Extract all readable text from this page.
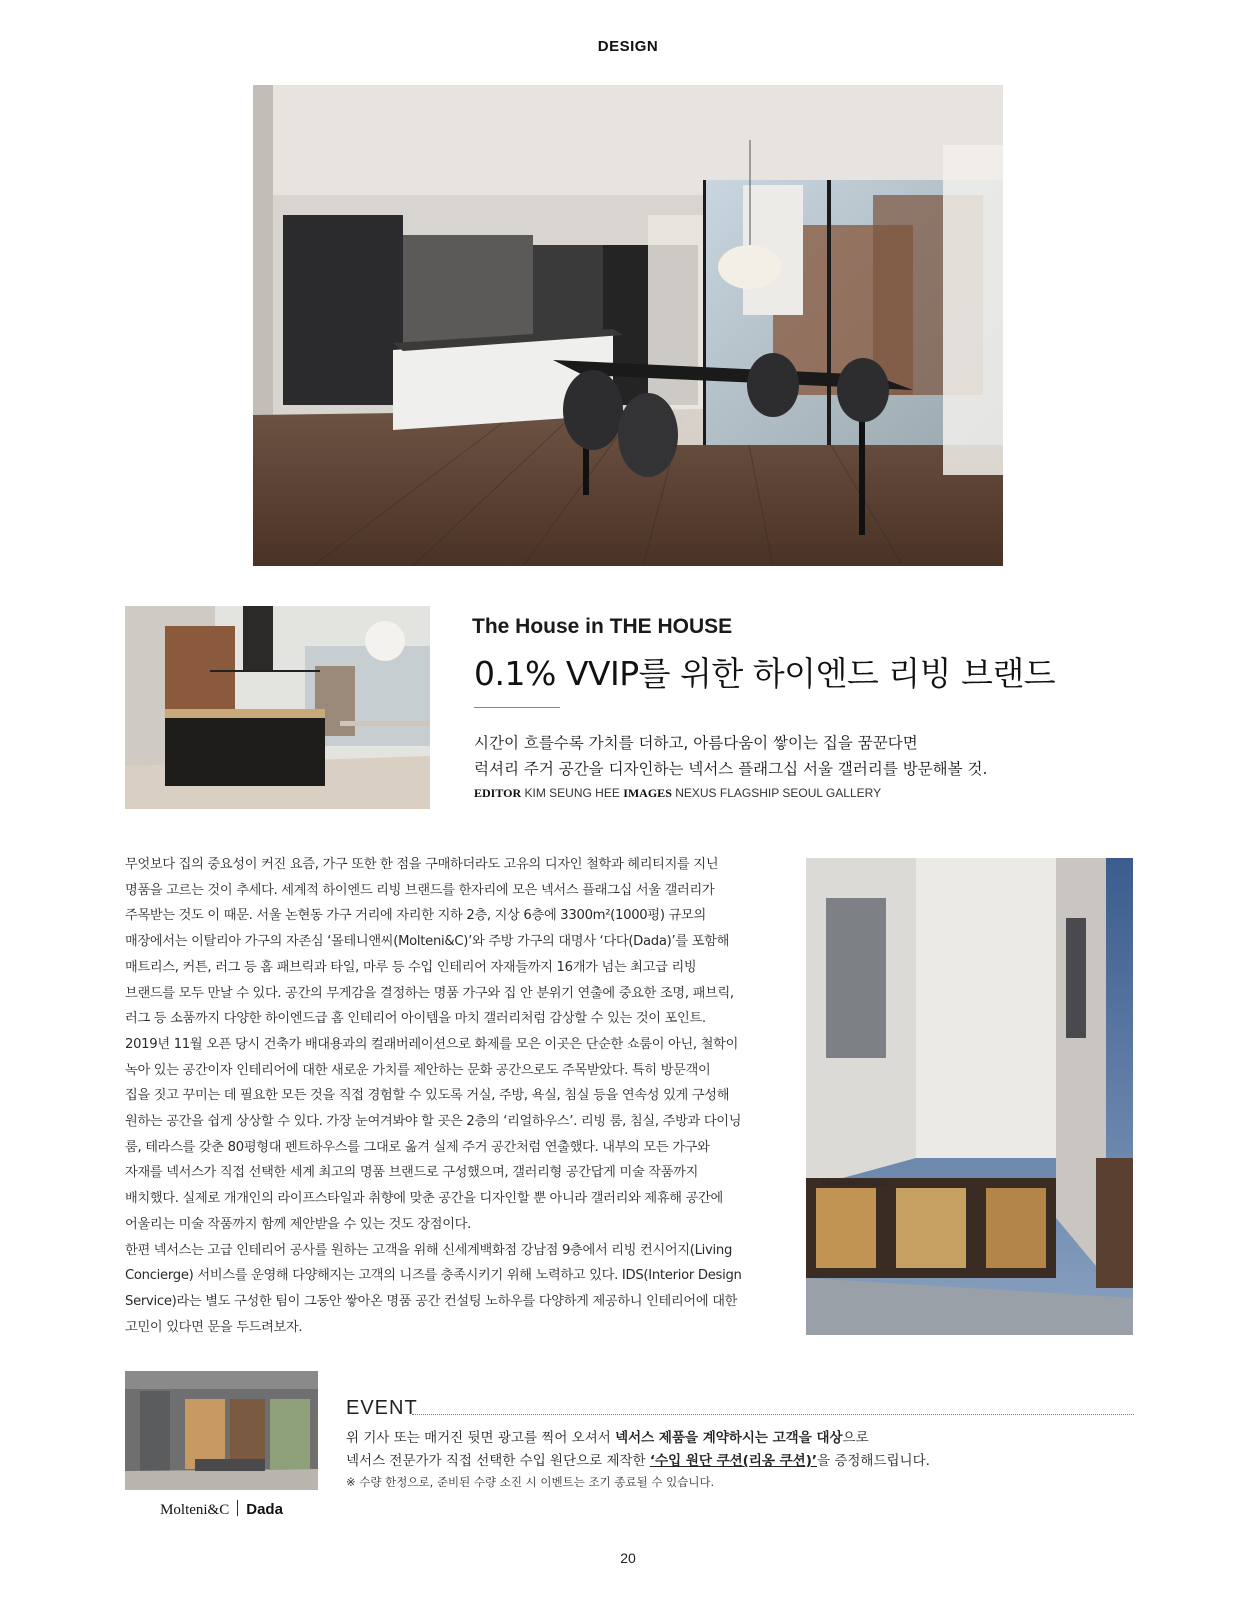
DESIGN
The House in THE HOUSE
0.1% VVIP를 위한 하이엔드 리빙 브랜드
시간이 흐를수록 가치를 더하고, 아름다움이 쌓이는 집을 꿈꾼다면
럭셔리 주거 공간을 디자인하는 넥서스 플래그십 서울 갤러리를 방문해볼 것.
EDITOR KIM SEUNG HEE IMAGES NEXUS FLAGSHIP SEOUL GALLERY
무엇보다 집의 중요성이 커진 요즘, 가구 또한 한 점을 구매하더라도 고유의 디자인 철학과 헤리티지를 지닌
명품을 고르는 것이 추세다. 세계적 하이엔드 리빙 브랜드를 한자리에 모은 넥서스 플래그십 서울 갤러리가
주목받는 것도 이 때문. 서울 논현동 가구 거리에 자리한 지하 2층, 지상 6층에 3300m²(1000평) 규모의
매장에서는 이탈리아 가구의 자존심 ‘몰테니앤씨(Molteni&C)’와 주방 가구의 대명사 ‘다다(Dada)’를 포함해
매트리스, 커튼, 러그 등 홈 패브릭과 타일, 마루 등 수입 인테리어 자재들까지 16개가 넘는 최고급 리빙
브랜드를 모두 만날 수 있다. 공간의 무게감을 결정하는 명품 가구와 집 안 분위기 연출에 중요한 조명, 패브릭,
러그 등 소품까지 다양한 하이엔드급 홈 인테리어 아이템을 마치 갤러리처럼 감상할 수 있는 것이 포인트.
2019년 11월 오픈 당시 건축가 배대용과의 컬래버레이션으로 화제를 모은 이곳은 단순한 쇼룸이 아닌, 철학이
녹아 있는 공간이자 인테리어에 대한 새로운 가치를 제안하는 문화 공간으로도 주목받았다. 특히 방문객이
집을 짓고 꾸미는 데 필요한 모든 것을 직접 경험할 수 있도록 거실, 주방, 욕실, 침실 등을 연속성 있게 구성해
원하는 공간을 쉽게 상상할 수 있다. 가장 눈여겨봐야 할 곳은 2층의 ‘리얼하우스’. 리빙 룸, 침실, 주방과 다이닝
룸, 테라스를 갖춘 80평형대 펜트하우스를 그대로 옮겨 실제 주거 공간처럼 연출했다. 내부의 모든 가구와
자재를 넥서스가 직접 선택한 세계 최고의 명품 브랜드로 구성했으며, 갤러리형 공간답게 미술 작품까지
배치했다. 실제로 개개인의 라이프스타일과 취향에 맞춘 공간을 디자인할 뿐 아니라 갤러리와 제휴해 공간에
어울리는 미술 작품까지 함께 제안받을 수 있는 것도 장점이다.
한편 넥서스는 고급 인테리어 공사를 원하는 고객을 위해 신세계백화점 강남점 9층에서 리빙 컨시어지(Living
Concierge) 서비스를 운영해 다양해지는 고객의 니즈를 충족시키기 위해 노력하고 있다. IDS(Interior Design
Service)라는 별도 구성한 팀이 그동안 쌓아온 명품 공간 컨설팅 노하우를 다양하게 제공하니 인테리어에 대한
고민이 있다면 문을 두드려보자.
Molteni&C | Dada
Molteni&C Dada
EVENT
위 기사 또는 매거진 뒷면 광고를 찍어 오셔서 넥서스 제품을 계약하시는 고객을 대상으로
넥서스 전문가가 직접 선택한 수입 원단으로 제작한 ‘수입 원단 쿠션(리옹 쿠션)’을 증정해드립니다.
※ 수량 한정으로, 준비된 수량 소진 시 이벤트는 조기 종료될 수 있습니다.
20
